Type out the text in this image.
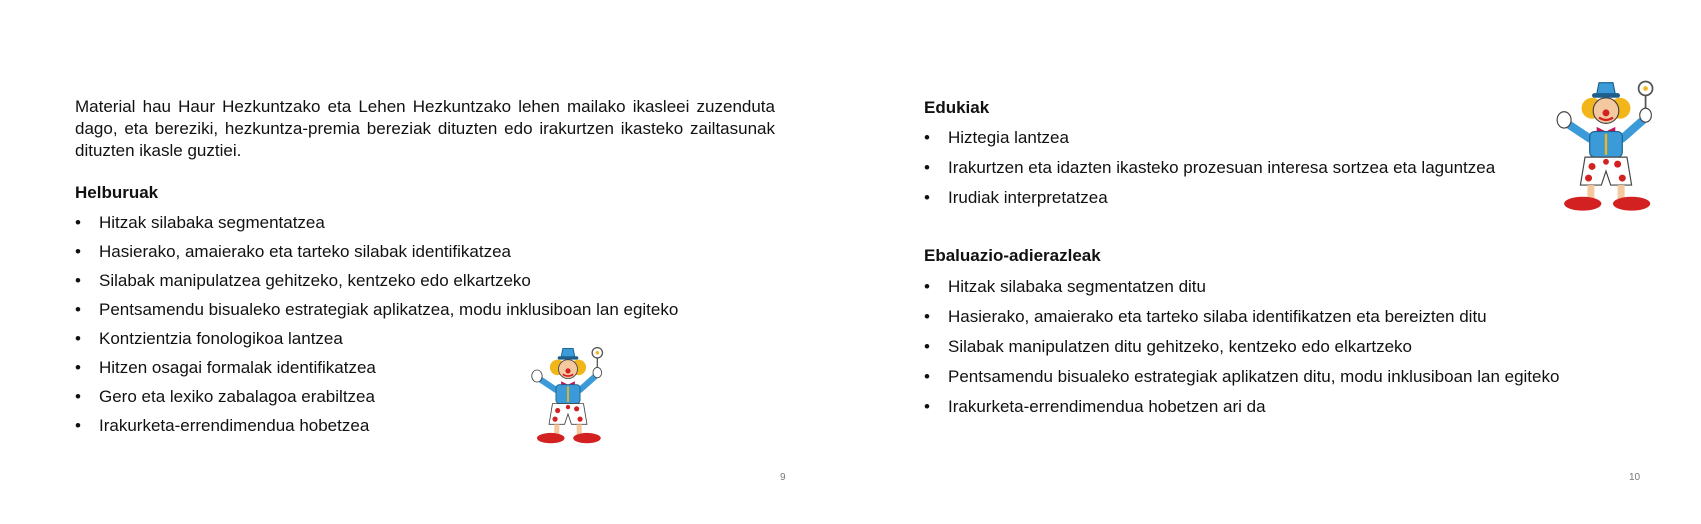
Material hau Haur Hezkuntzako eta Lehen Hezkuntzako lehen mailako ikasleei zuzenduta dago, eta bereziki, hezkuntza-premia bereziak dituzten edo irakurtzen ikasteko zailtasunak dituzten ikasle guztiei.

Helburuak
• Hitzak silabaka segmentatzea
• Hasierako, amaierako eta tarteko silabak identifikatzea
• Silabak manipulatzea gehitzeko, kentzeko edo elkartzeko
• Pentsamendu bisualeko estrategiak aplikatzea, modu inklusiboan lan egiteko
• Kontzientzia fonologikoa lantzea
• Hitzen osagai formalak identifikatzea
• Gero eta lexiko zabalagoa erabiltzea
• Irakurketa-errendimendua hobetzea
9
Edukiak
• Hiztegia lantzea
• Irakurtzen eta idazten ikasteko prozesuan interesa sortzea eta laguntzea
• Irudiak interpretatzea
Ebaluazio-adierazleak
• Hitzak silabaka segmentatzen ditu
• Hasierako, amaierako eta tarteko silaba identifikatzen eta bereizten ditu
• Silabak manipulatzen ditu gehitzeko, kentzeko edo elkartzeko
• Pentsamendu bisualeko estrategiak aplikatzen ditu, modu inklusiboan lan egiteko
• Irakurketa-errendimendua hobetzen ari da
10
